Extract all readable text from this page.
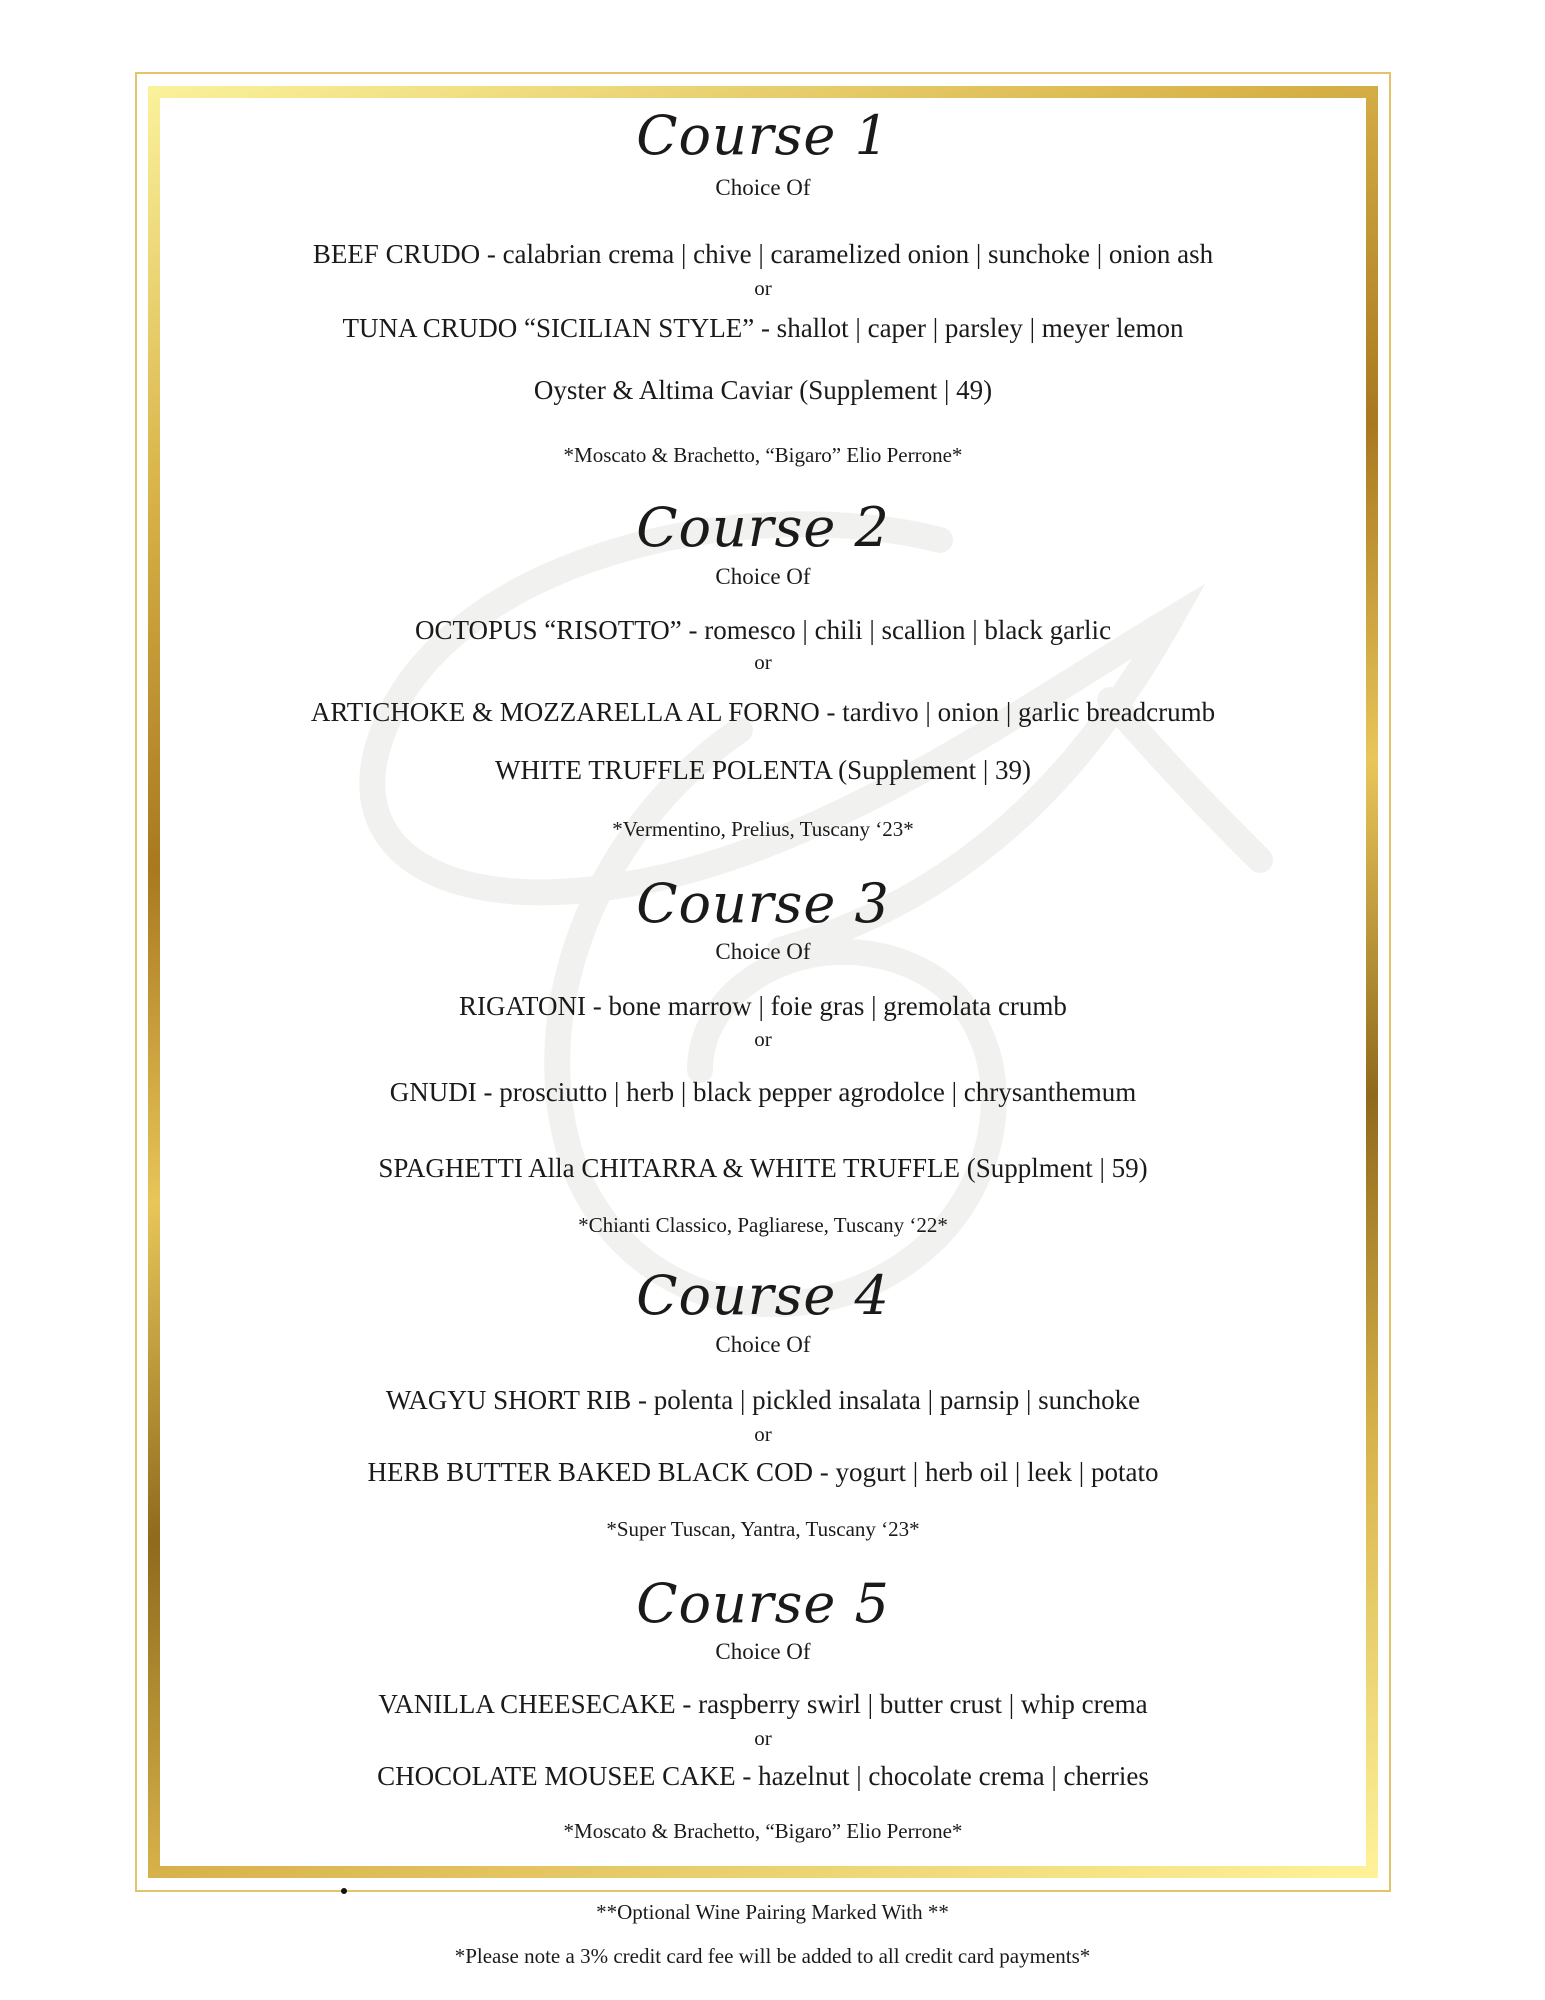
Course 1
Choice Of
BEEF CRUDO - calabrian crema | chive | caramelized onion | sunchoke | onion ash
or
TUNA CRUDO “SICILIAN STYLE” - shallot | caper | parsley | meyer lemon
Oyster & Altima Caviar (Supplement | 49)
*Moscato & Brachetto, “Bigaro” Elio Perrone*
Course 2
Choice Of
OCTOPUS “RISOTTO” - romesco | chili | scallion | black garlic
or
ARTICHOKE & MOZZARELLA AL FORNO - tardivo | onion | garlic breadcrumb
WHITE TRUFFLE POLENTA (Supplement | 39)
*Vermentino, Prelius, Tuscany ‘23*
Course 3
Choice Of
RIGATONI - bone marrow | foie gras | gremolata crumb
or
GNUDI - prosciutto | herb | black pepper agrodolce | chrysanthemum
SPAGHETTI Alla CHITARRA & WHITE TRUFFLE (Supplment | 59)
*Chianti Classico, Pagliarese, Tuscany ‘22*
Course 4
Choice Of
WAGYU SHORT RIB - polenta | pickled insalata | parnsip | sunchoke
or
HERB BUTTER BAKED BLACK COD - yogurt | herb oil | leek | potato
*Super Tuscan, Yantra, Tuscany ‘23*
Course 5
Choice Of
VANILLA CHEESECAKE - raspberry swirl | butter crust | whip crema
or
CHOCOLATE MOUSEE CAKE - hazelnut | chocolate crema | cherries
*Moscato & Brachetto, “Bigaro” Elio Perrone*
**Optional Wine Pairing Marked With **
*Please note a 3% credit card fee will be added to all credit card payments*
